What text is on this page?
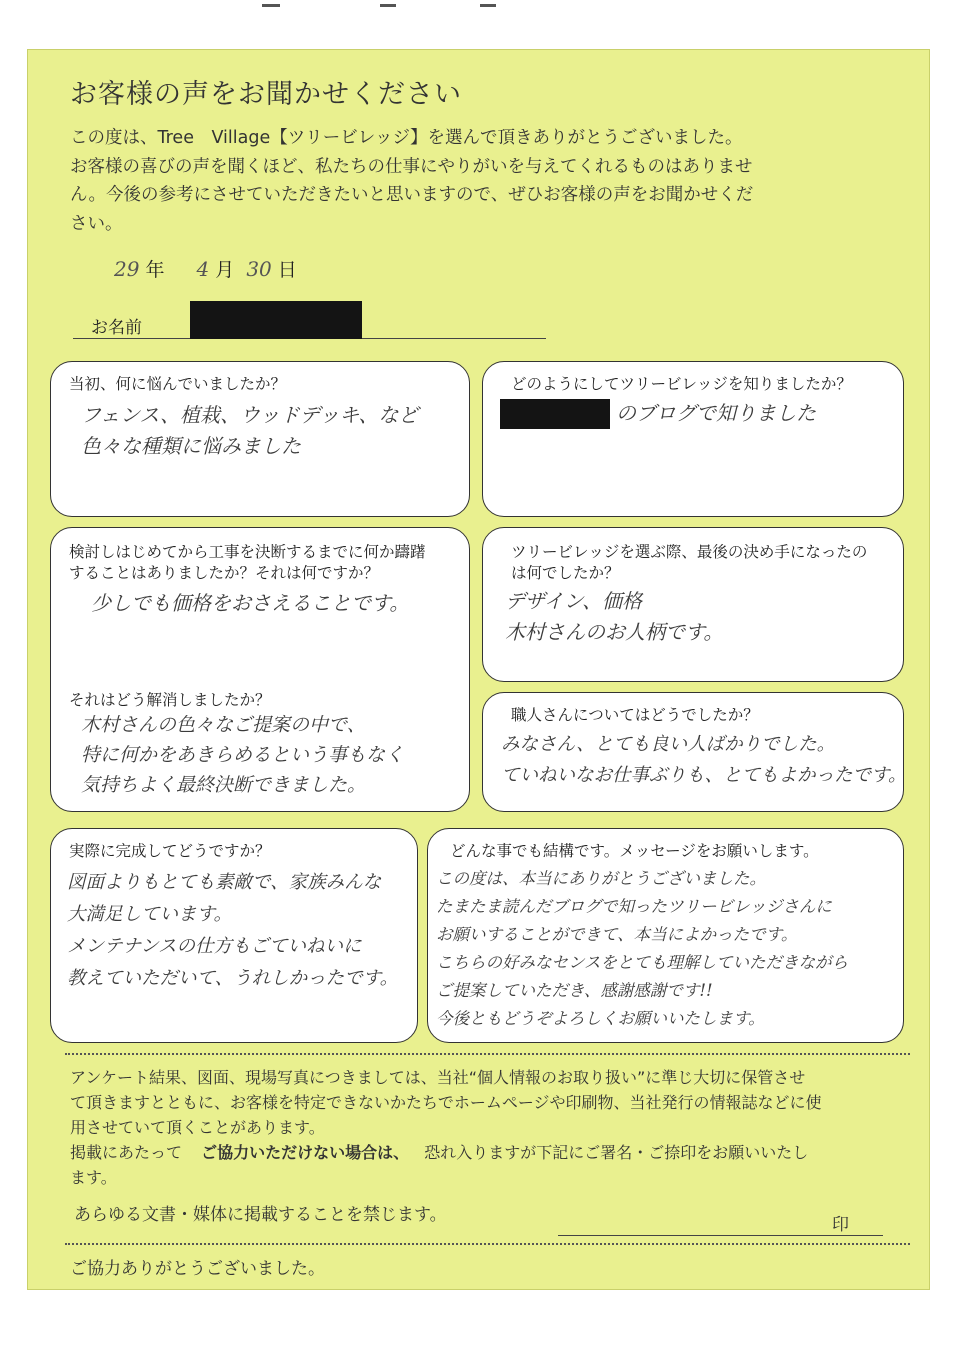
お客様の声をお聞かせください

この度は、Tree　Village【ツリービレッジ】を選んで頂きありがとうございました。

お客様の喜びの声を聞くほど、私たちの仕事にやりがいを与えてくれるものはありませ

ん。今後の参考にさせていただきたいと思いますので、ぜひお客様の声をお聞かせくだ

さい。

29 年 4 月 30 日
お名前
当初、何に悩んでいましたか？
フェンス、植栽、ウッドデッキ、など
色々な種類に悩みました
どのようにしてツリービレッジを知りましたか？
のブログで知りました
検討しはじめてから工事を決断するまでに何か躊躇
することはありましたか？それは何ですか？
少しでも価格をおさえることです。
それはどう解消しましたか？
木村さんの色々なご提案の中で、
特に何かをあきらめるという事もなく
気持ちよく最終決断できました。
ツリービレッジを選ぶ際、最後の決め手になったの
は何でしたか？
デザイン、価格
木村さんのお人柄です。
職人さんについてはどうでしたか？
みなさん、とても良い人ばかりでした。
ていねいなお仕事ぶりも、とてもよかったです。
実際に完成してどうですか？
図面よりもとても素敵で、家族みんな
大満足しています。
メンテナンスの仕方もごていねいに
教えていただいて、うれしかったです。
どんな事でも結構です。メッセージをお願いします。
この度は、本当にありがとうございました。
たまたま読んだブログで知ったツリービレッジさんに
お願いすることができて、本当によかったです。
こちらの好みなセンスをとても理解していただきながら
ご提案していただき、感謝感謝です!!
今後ともどうぞよろしくお願いいたします。

アンケート結果、図面、現場写真につきましては、当社“個人情報のお取り扱い”に準じ大切に保管させ

て頂きますとともに、お客様を特定できないかたちでホームページや印刷物、当社発行の情報誌などに使

用させていて頂くことがあります。

掲載にあたって ご協力いただけない場合は、 恐れ入りますが下記にご署名・ご捺印をお願いいたし

ます。

あらゆる文書・媒体に掲載することを禁じます。	印
ご協力ありがとうございました。
